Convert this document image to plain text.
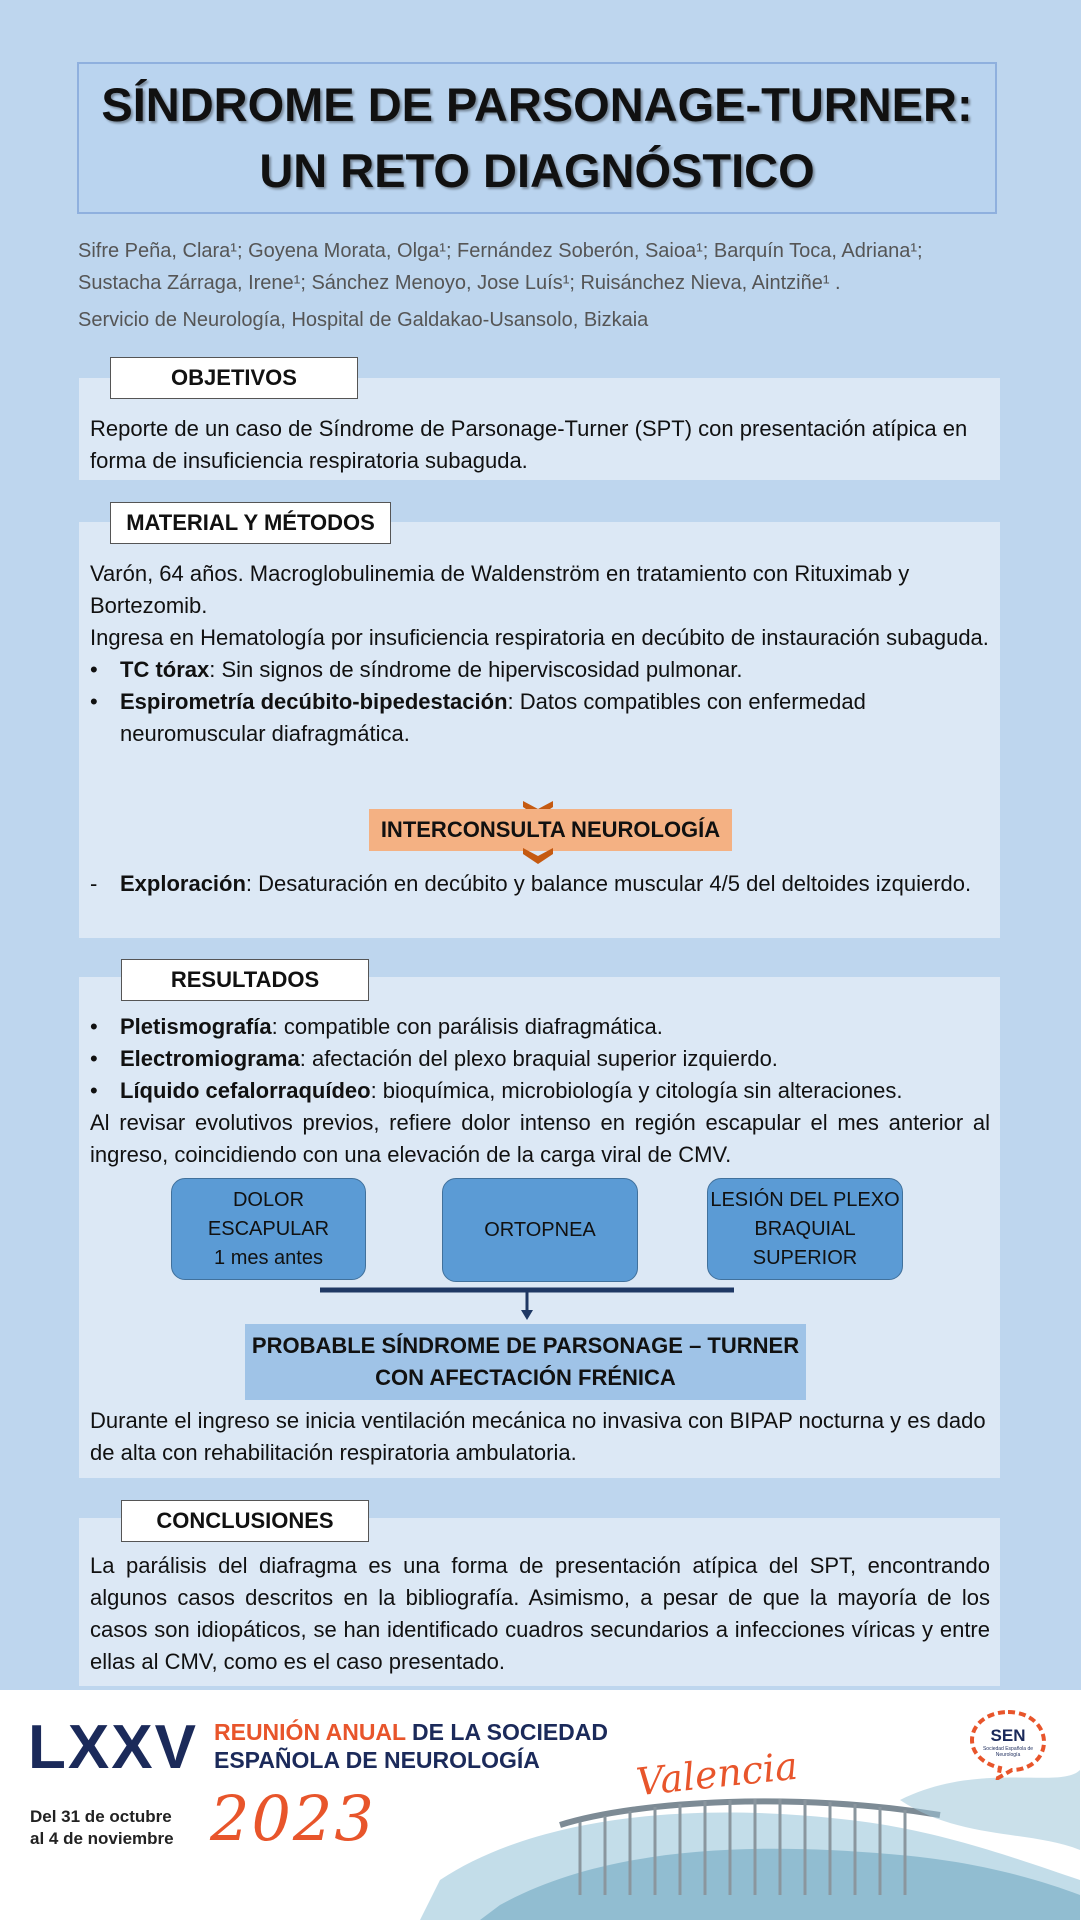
SÍNDROME DE PARSONAGE-TURNER:
UN RETO DIAGNÓSTICO
Sifre Peña, Clara¹; Goyena Morata, Olga¹; Fernández Soberón, Saioa¹; Barquín Toca, Adriana¹;
Sustacha Zárraga, Irene¹; Sánchez Menoyo, Jose Luís¹; Ruisánchez Nieva, Aintziñe¹ .
Servicio de Neurología, Hospital de Galdakao-Usansolo, Bizkaia
OBJETIVOS
Reporte de un caso de Síndrome de Parsonage-Turner (SPT) con presentación atípica en forma de insuficiencia respiratoria subaguda.
MATERIAL Y MÉTODOS
Varón, 64 años. Macroglobulinemia de Waldenström en tratamiento con Rituximab y Bortezomib.
Ingresa en Hematología por insuficiencia respiratoria en decúbito de instauración subaguda.
•	TC tórax: Sin signos de síndrome de hiperviscosidad pulmonar.
•	Espirometría decúbito-bipedestación: Datos compatibles con enfermedad neuromuscular diafragmática.
INTERCONSULTA NEUROLOGÍA
-	Exploración: Desaturación en decúbito y balance muscular 4/5 del deltoides izquierdo.
RESULTADOS
•	Pletismografía: compatible con parálisis diafragmática.
•	Electromiograma: afectación del plexo braquial superior izquierdo.
•	Líquido cefalorraquídeo: bioquímica, microbiología y citología sin alteraciones.
Al revisar evolutivos previos, refiere dolor intenso en región escapular el mes anterior al ingreso, coincidiendo con una elevación de la carga viral de CMV.
DOLOR
ESCAPULAR
1 mes antes
ORTOPNEA
LESIÓN DEL PLEXO
BRAQUIAL
SUPERIOR
PROBABLE SÍNDROME DE PARSONAGE – TURNER
CON AFECTACIÓN FRÉNICA
Durante el ingreso se inicia ventilación mecánica no invasiva con BIPAP nocturna y es dado de alta con rehabilitación respiratoria ambulatoria.
CONCLUSIONES
La parálisis del diafragma es una forma de presentación atípica del SPT, encontrando algunos casos descritos en la bibliografía. Asimismo, a pesar de que la mayoría de los casos son idiopáticos, se han identificado cuadros secundarios a infecciones víricas y entre ellas al CMV, como es el caso presentado.
LXXV REUNIÓN ANUAL DE LA SOCIEDAD
ESPAÑOLA DE NEUROLOGÍA	Valencia
Del 31 de octubre
al 4 de noviembre 2023
SEN
Sociedad Española de Neurología
